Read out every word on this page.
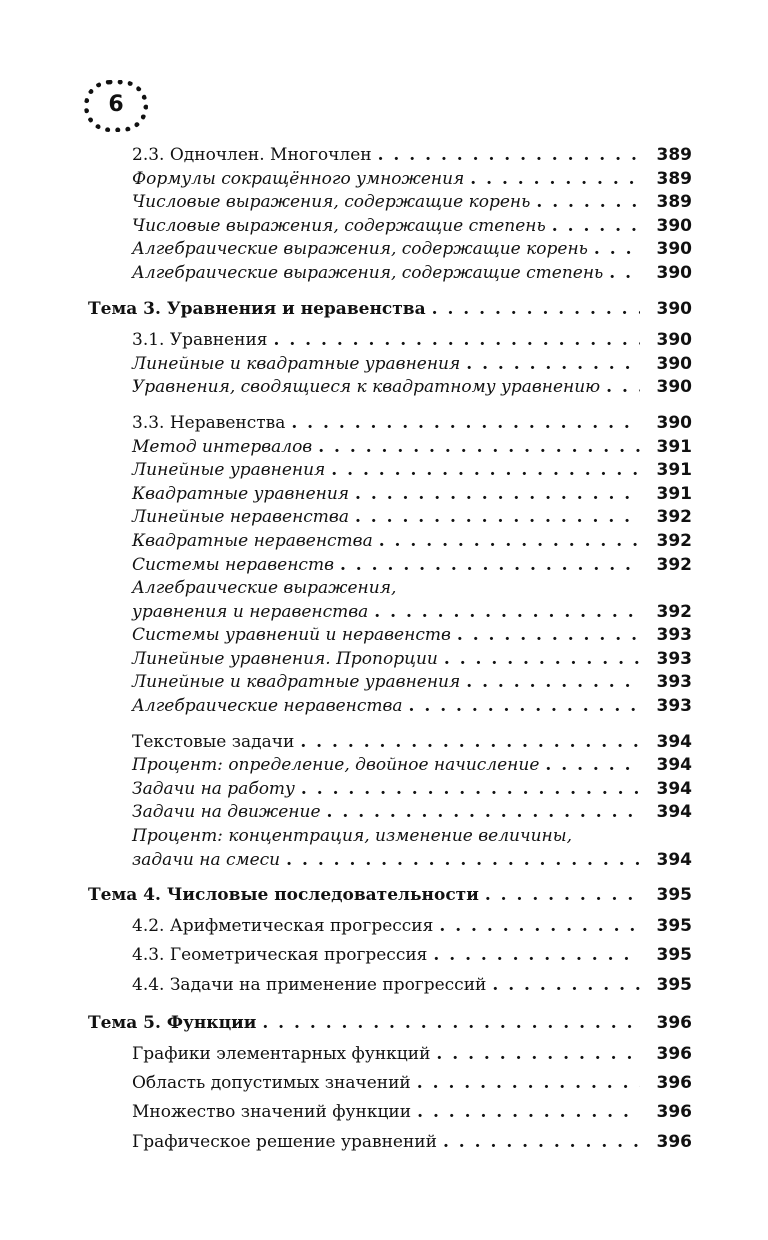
6
2.3. Одночлен. Многочлен . . .	389
Формулы сокращённого умножения . . .	389
Числовые выражения, содержащие корень . . .	389
Числовые выражения, содержащие степень . . .	390
Алгебраические выражения, содержащие корень . . .	390
Алгебраические выражения, содержащие степень . . .	390
Тема 3. Уравнения и неравенства . . .	390
3.1. Уравнения . . .	390
Линейные и квадратные уравнения . . .	390
Уравнения, сводящиеся к квадратному уравнению . . .	390
3.3. Неравенства . . .	390
Метод интервалов . . .	391
Линейные уравнения . . .	391
Квадратные уравнения . . .	391
Линейные неравенства . . .	392
Квадратные неравенства . . .	392
Системы неравенств . . .	392
Алгебраические выражения,
уравнения и неравенства . . .	392
Системы уравнений и неравенств . . .	393
Линейные уравнения. Пропорции . . .	393
Линейные и квадратные уравнения . . .	393
Алгебраические неравенства . . .	393
Текстовые задачи . . .	394
Процент: определение, двойное начисление . . .	394
Задачи на работу . . .	394
Задачи на движение . . .	394
Процент: концентрация, изменение величины,
задачи на смеси . . .	394
Тема 4. Числовые последовательности . . .	395
4.2. Арифметическая прогрессия . . .	395
4.3. Геометрическая прогрессия . . .	395
4.4. Задачи на применение прогрессий . . .	395
Тема 5. Функции . . .	396
Графики элементарных функций . . .	396
Область допустимых значений . . .	396
Множество значений функции . . .	396
Графическое решение уравнений . . .	396
